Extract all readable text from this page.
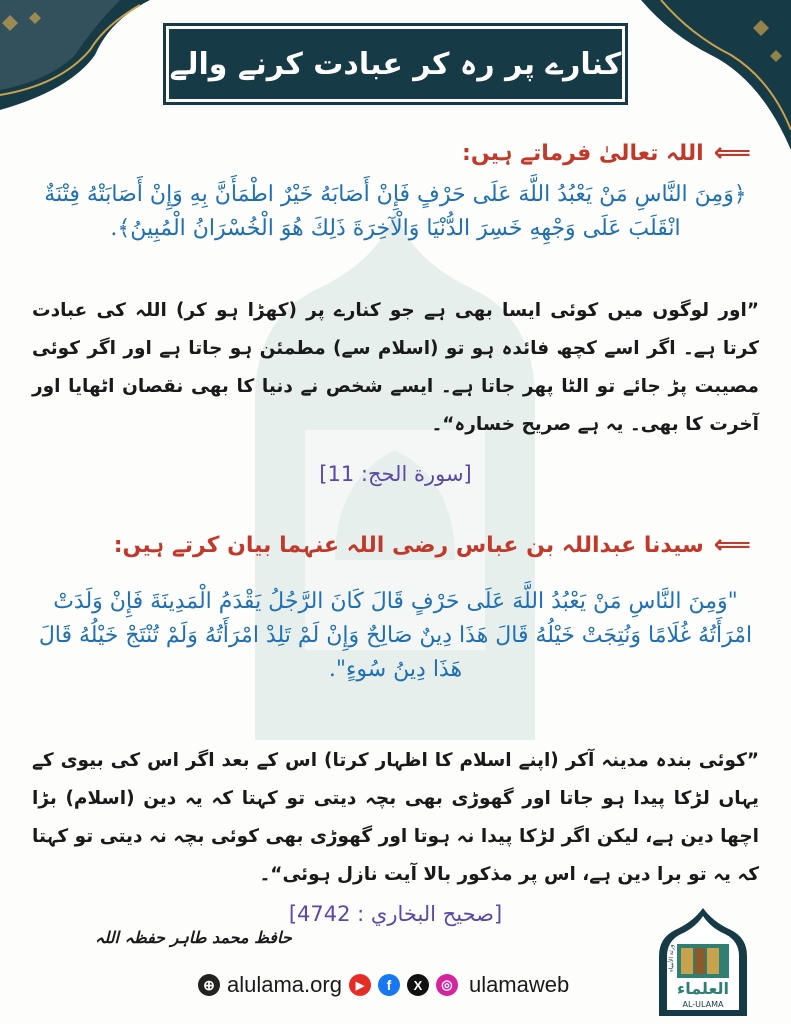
کنارے پر رہ کر عبادت کرنے والے
⟸
اللہ تعالیٰ فرماتے ہیں:
﴿وَمِنَ النَّاسِ مَنْ يَعْبُدُ اللَّهَ عَلَى حَرْفٍ فَإِنْ أَصَابَهُ خَيْرٌ اطْمَأَنَّ بِهِ وَإِنْ أَصَابَتْهُ فِتْنَةٌ انْقَلَبَ عَلَى وَجْهِهِ خَسِرَ الدُّنْيَا وَالْآخِرَةَ ذَلِكَ هُوَ الْخُسْرَانُ الْمُبِينُ﴾.
”اور لوگوں میں کوئی ایسا بھی ہے جو کنارے پر (کھڑا ہو کر) اللہ کی عبادت کرتا ہے۔ اگر اسے کچھ فائدہ ہو تو (اسلام سے) مطمئن ہو جاتا ہے اور اگر کوئی مصیبت پڑ جائے تو الٹا پھر جاتا ہے۔ ایسے شخص نے دنیا کا بھی نقصان اٹھایا اور آخرت کا بھی۔ یہ ہے صریح خسارہ“۔
[سورة الحج: 11]
⟸
سیدنا عبداللہ بن عباس رضی اللہ عنہما بیان کرتے ہیں:
"وَمِنَ النَّاسِ مَنْ يَعْبُدُ اللَّهَ عَلَى حَرْفٍ قَالَ كَانَ الرَّجُلُ يَقْدَمُ الْمَدِينَةَ فَإِنْ وَلَدَتْ امْرَأَتُهُ غُلَامًا وَنُتِجَتْ خَيْلُهُ قَالَ هَذَا دِينٌ صَالِحٌ وَإِنْ لَمْ تَلِدْ امْرَأَتُهُ وَلَمْ تُنْتَجْ خَيْلُهُ قَالَ هَذَا دِينُ سُوءٍ".
”کوئی بندہ مدینہ آکر (اپنے اسلام کا اظہار کرتا) اس کے بعد اگر اس کی بیوی کے یہاں لڑکا پیدا ہو جاتا اور گھوڑی بھی بچہ دیتی تو کہتا کہ یہ دین (اسلام) بڑا اچھا دین ہے، لیکن اگر لڑکا پیدا نہ ہوتا اور گھوڑی بھی کوئی بچہ نہ دیتی تو کہتا کہ یہ تو برا دین ہے، اس پر مذکور بالا آیت نازل ہوئی“۔
[صحيح البخاري : 4742]
حافظ محمد طاہر حفظہ اللہ
ورثة الأنبياء
العلماء
AL-ULAMA
⊕ alulama.org	▶	f	X	◎ ulamaweb
